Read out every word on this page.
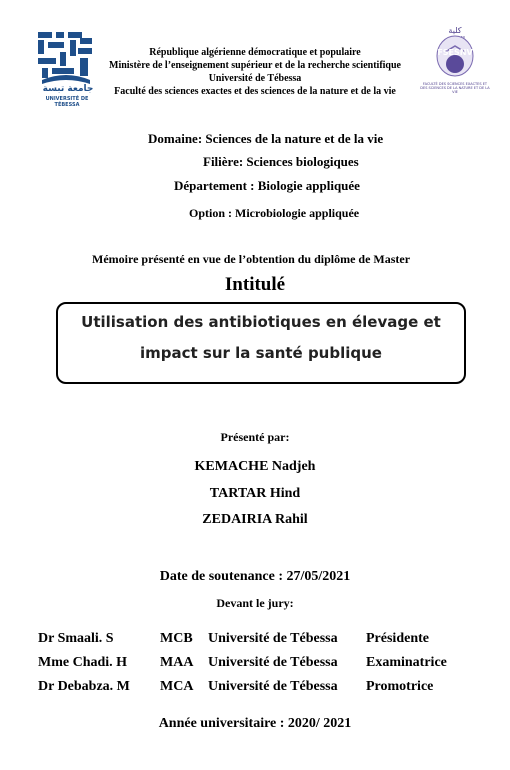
جامعة تبسة
UNIVERSITÉ DE TÉBESSA
كلية
FSESNV
FACULTÉ DES SCIENCES EXACTES ET DES SCIENCES DE LA NATURE ET DE LA VIE
République algérienne démocratique et populaire
Ministère de l’enseignement supérieur et de la recherche scientifique
Université de Tébessa
Faculté des sciences exactes et des sciences de la nature et de la vie
Domaine: Sciences de la nature et de la vie
Filière: Sciences biologiques
Département : Biologie appliquée
Option : Microbiologie appliquée
Mémoire présenté en vue de l’obtention du diplôme de Master
Intitulé
Utilisation des antibiotiques en élevage et
impact sur la santé publique
Présenté par:
KEMACHE Nadjeh
TARTAR Hind
ZEDAIRIA Rahil
Date de soutenance : 27/05/2021
Devant le jury:
Dr Smaali. S	MCB Université de Tébessa Présidente
Mme Chadi. H MAA Université de Tébessa Examinatrice
Dr Debabza. M MCA Université de Tébessa Promotrice
Année universitaire : 2020/ 2021
